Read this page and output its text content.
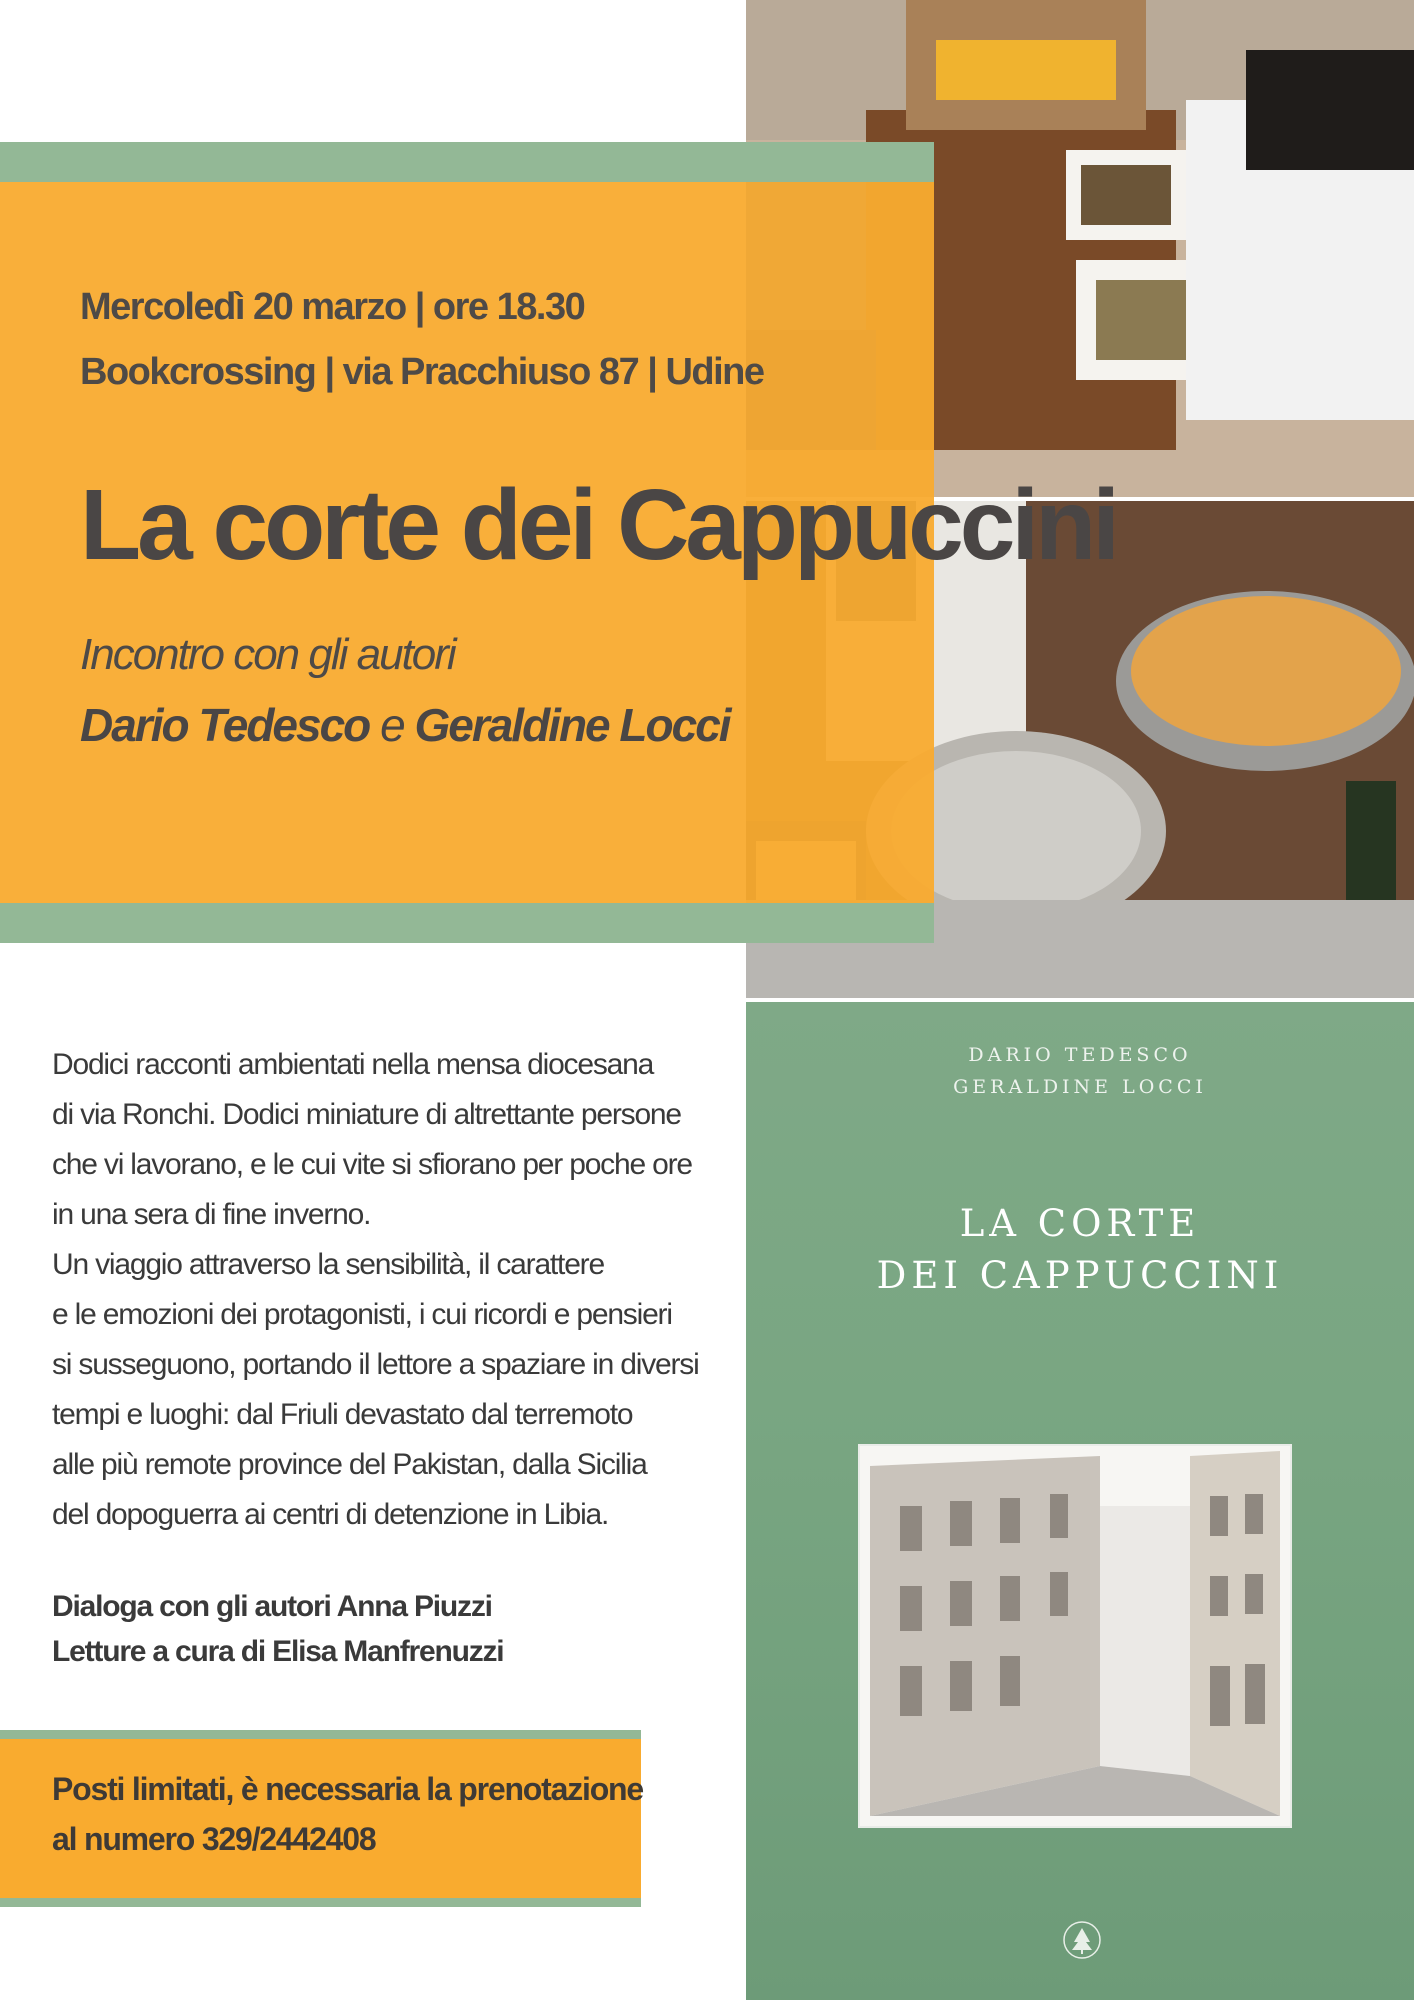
Mercoledì 20 marzo | ore 18.30
Bookcrossing | via Pracchiuso 87 | Udine
La corte dei Cappuccini
Incontro con gli autori
Dario Tedesco e Geraldine Locci
Dodici racconti ambientati nella mensa diocesana
di via Ronchi. Dodici miniature di altrettante persone
che vi lavorano, e le cui vite si sfiorano per poche ore
in una sera di fine inverno.
Un viaggio attraverso la sensibilità, il carattere
e le emozioni dei protagonisti, i cui ricordi e pensieri
si susseguono, portando il lettore a spaziare in diversi
tempi e luoghi: dal Friuli devastato dal terremoto
alle più remote province del Pakistan, dalla Sicilia
del dopoguerra ai centri di detenzione in Libia.
Dialoga con gli autori Anna Piuzzi
Letture a cura di Elisa Manfrenuzzi
Posti limitati, è necessaria la prenotazione
al numero 329/2442408
DARIO TEDESCO
GERALDINE LOCCI
LA CORTE
DEI CAPPUCCINI
